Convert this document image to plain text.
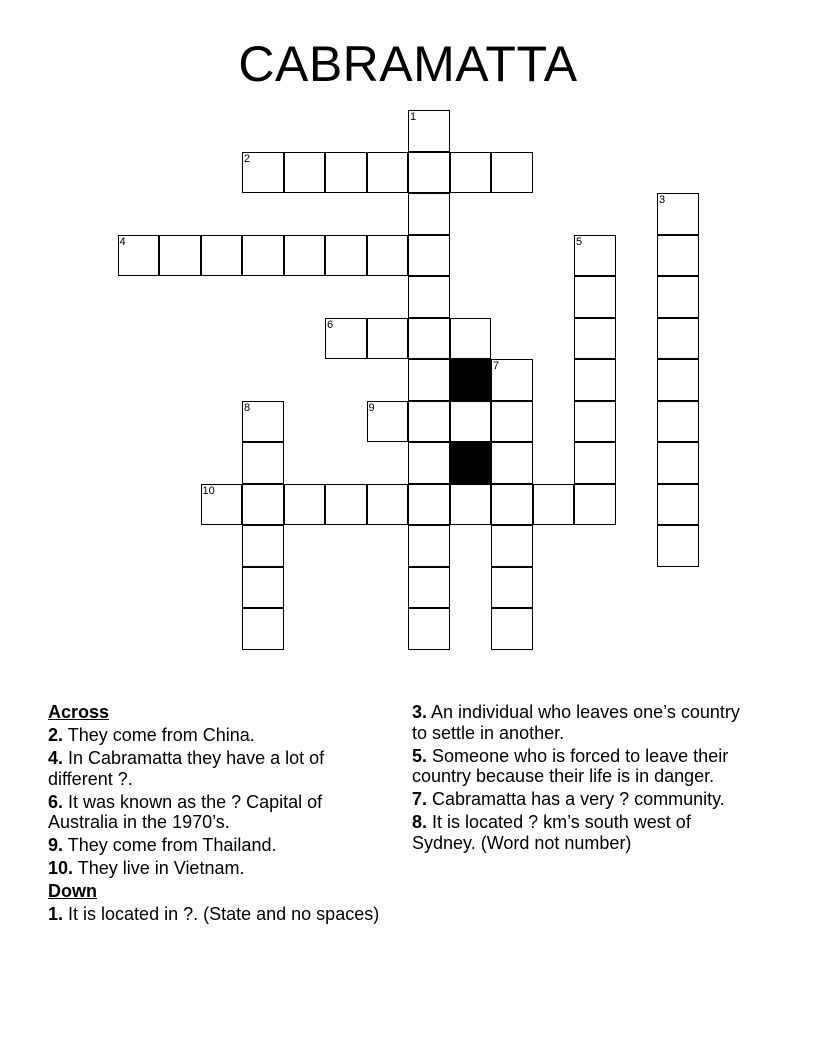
CABRAMATTA
1
2
3
4	5
6
7
8	9
10
Across
2. They come from China.
4. In Cabramatta they have a lot of different ?.
6. It was known as the ? Capital of Australia in the 1970’s.
9. They come from Thailand.
10. They live in Vietnam.
Down
1. It is located in ?. (State and no spaces)
3. An individual who leaves one’s country to settle in another.
5. Someone who is forced to leave their country because their life is in danger.
7. Cabramatta has a very ? community.
8. It is located ? km’s south west of Sydney. (Word not number)
